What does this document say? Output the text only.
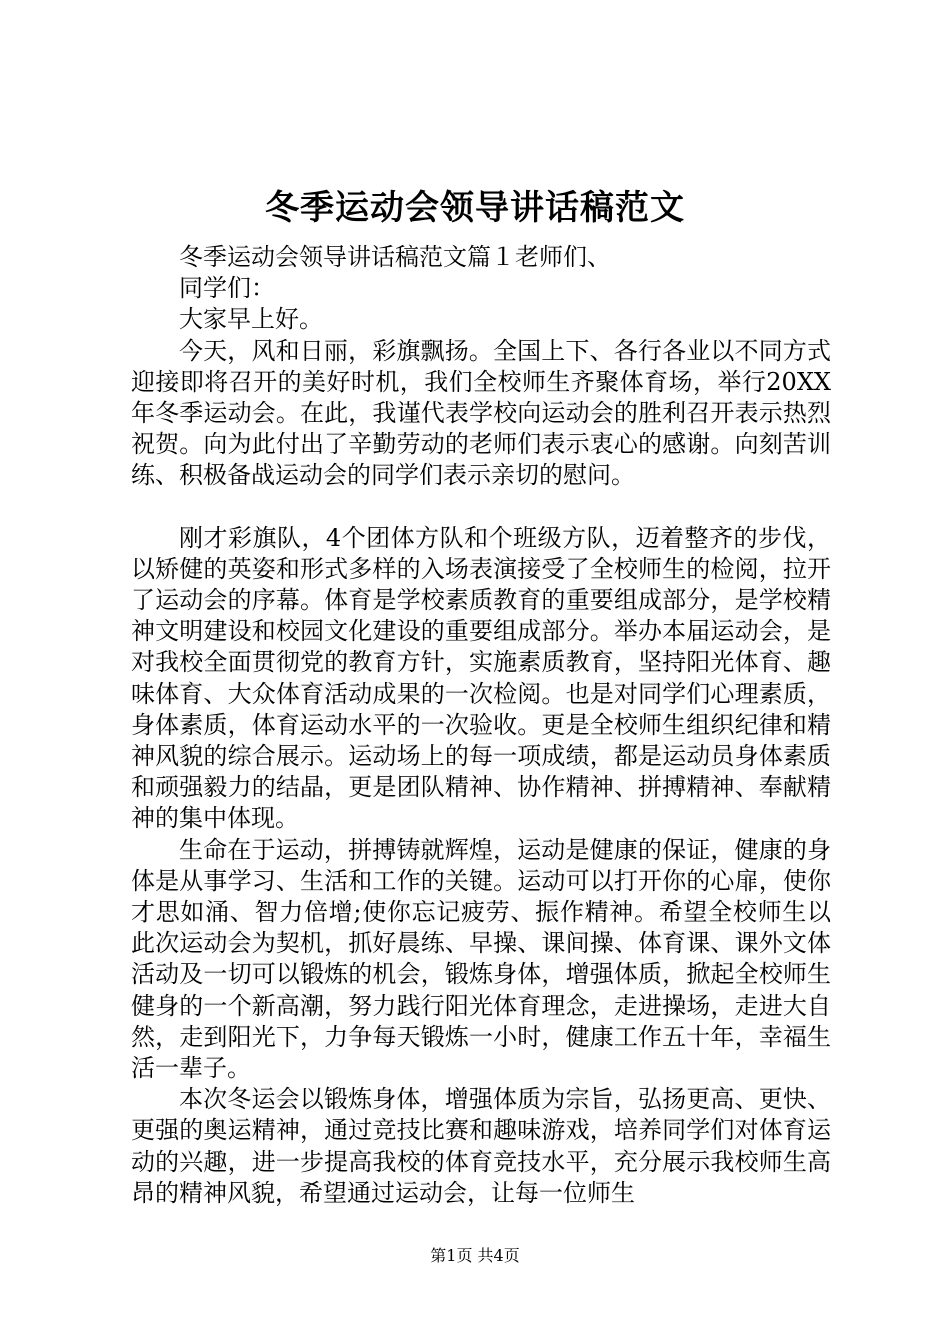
冬季运动会领导讲话稿范文

冬季运动会领导讲话稿范文篇１老师们、

同学们：

大家早上好。

今天，风和日丽，彩旗飘扬。全国上下、各行各业以不同方式迎接即将召开的美好时机，我们全校师生齐聚体育场，举行20XX年冬季运动会。在此，我谨代表学校向运动会的胜利召开表示热烈祝贺。向为此付出了辛勤劳动的老师们表示衷心的感谢。向刻苦训练、积极备战运动会的同学们表示亲切的慰问。

刚才彩旗队，4个团体方队和个班级方队，迈着整齐的步伐，以矫健的英姿和形式多样的入场表演接受了全校师生的检阅，拉开了运动会的序幕。体育是学校素质教育的重要组成部分，是学校精神文明建设和校园文化建设的重要组成部分。举办本届运动会，是对我校全面贯彻党的教育方针，实施素质教育，坚持阳光体育、趣味体育、大众体育活动成果的一次检阅。也是对同学们心理素质，身体素质，体育运动水平的一次验收。更是全校师生组织纪律和精神风貌的综合展示。运动场上的每一项成绩，都是运动员身体素质和顽强毅力的结晶，更是团队精神、协作精神、拼搏精神、奉献精神的集中体现。

生命在于运动，拼搏铸就辉煌，运动是健康的保证，健康的身体是从事学习、生活和工作的关键。运动可以打开你的心扉，使你才思如涌、智力倍增;使你忘记疲劳、振作精神。希望全校师生以此次运动会为契机，抓好晨练、早操、课间操、体育课、课外文体活动及一切可以锻炼的机会，锻炼身体，增强体质，掀起全校师生健身的一个新高潮，努力践行阳光体育理念，走进操场，走进大自然，走到阳光下，力争每天锻炼一小时，健康工作五十年，幸福生活一辈子。

本次冬运会以锻炼身体，增强体质为宗旨，弘扬更高、更快、更强的奥运精神，通过竞技比赛和趣味游戏，培养同学们对体育运动的兴趣，进一步提高我校的体育竞技水平，充分展示我校师生高昂的精神风貌，希望通过运动会，让每一位师生

第1页 共4页
